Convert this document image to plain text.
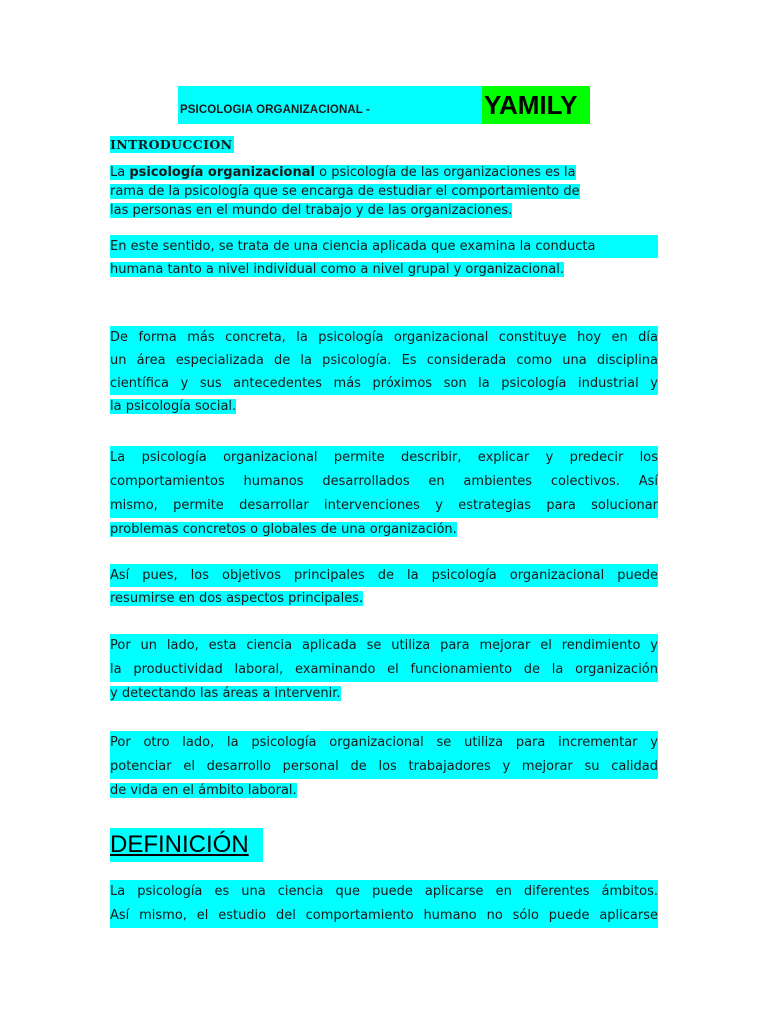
PSICOLOGIA ORGANIZACIONAL -	YAMILY
INTRODUCCION
La psicología organizacional o psicología de las organizaciones es la
rama de la psicología que se encarga de estudiar el comportamiento de
las personas en el mundo del trabajo y de las organizaciones.
En este sentido, se trata de una ciencia aplicada que examina la conducta
humana tanto a nivel individual como a nivel grupal y organizacional.
De forma más concreta, la psicología organizacional constituye hoy en día
un área especializada de la psicología. Es considerada como una disciplina
científica y sus antecedentes más próximos son la psicología industrial y
la psicología social.
La psicología organizacional permite describir, explicar y predecir los
comportamientos humanos desarrollados en ambientes colectivos. Así
mismo, permite desarrollar intervenciones y estrategias para solucionar
problemas concretos o globales de una organización.
Así pues, los objetivos principales de la psicología organizacional puede
resumirse en dos aspectos principales.
Por un lado, esta ciencia aplicada se utiliza para mejorar el rendimiento y
la productividad laboral, examinando el funcionamiento de la organización
y detectando las áreas a intervenir.
Por otro lado, la psicología organizacional se utiliza para incrementar y
potenciar el desarrollo personal de los trabajadores y mejorar su calidad
de vida en el ámbito laboral.
DEFINICIÓN
La psicología es una ciencia que puede aplicarse en diferentes ámbitos.
Así mismo, el estudio del comportamiento humano no sólo puede aplicarse
